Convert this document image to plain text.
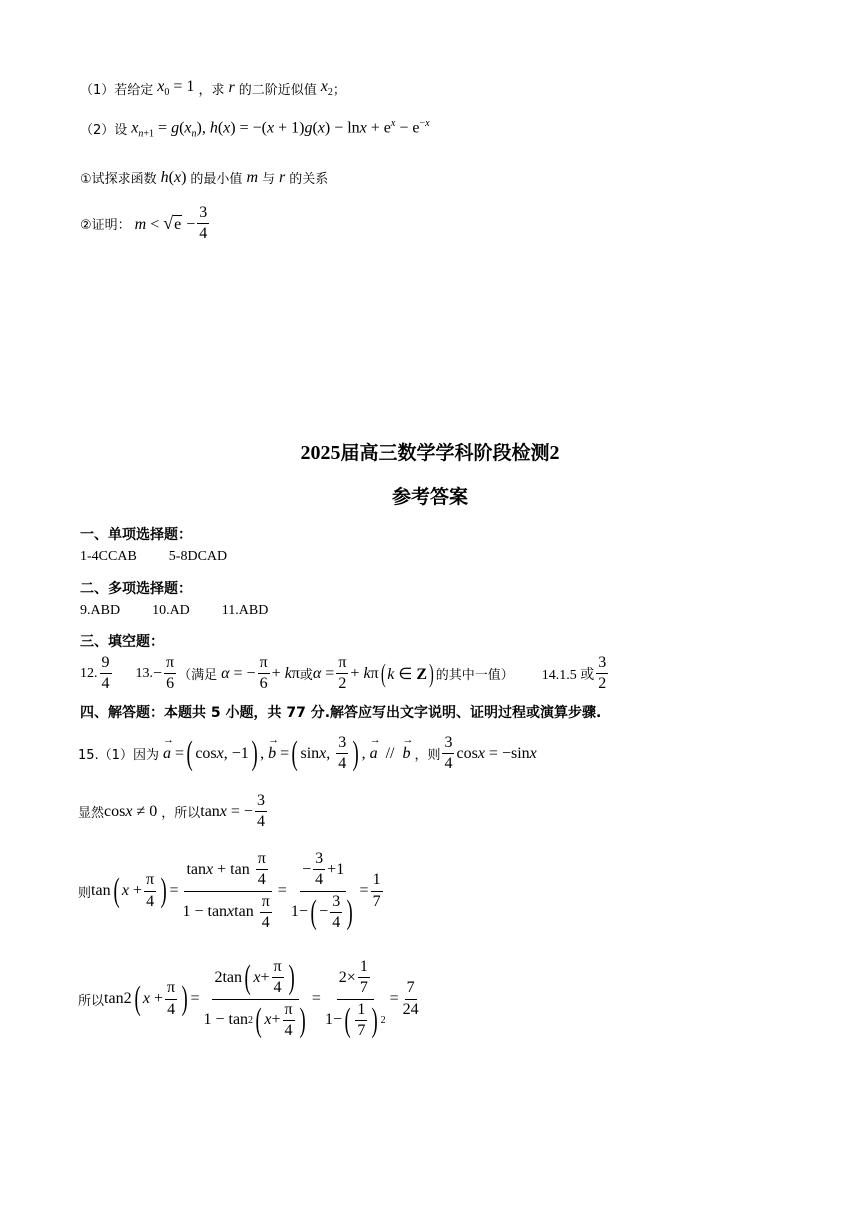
（1） 若给定 $x_0 = 1$ ，求 r 的二阶近似值 $x_2$ ；
（2）设 $x_{n+1} = g(x_n)$, $h(x) = -(x + 1)g(x) - \ln x + e^x - e^{-x}$
①试探求函数 h(x) 的最小值 m 与 r 的关系
②证明： m < √ $e - \frac{3}{4}$
2025届高三数学学科阶段检测2
参考答案
一、单项选择题：
1-4CCAB 5-8DCAD
二、多项选择题：
9.ABD 10.AD 11.ABD
三、填空题：
12. $\frac{9}{4} 13$. − $\frac{\pi}{6}$ （满足 α = − $\frac{\pi}{6} + k\pi$ 或 $\alpha = \frac{\pi}{2} + k\pi$ ( k ∈ Z ) 的其中一值） 14.1.5 或 $\frac{3}{2}$
四、解答题：本题共 5 小题，共 77 分.解答应写出文字说明、证明过程或演算步骤.
15.（1）因为 → a = ( cosx, −1 ) , → b = ( sinx, $\frac{3}{4}$ ) , → a // → b ，则 $\frac{3}{4}$ cosx = −sinx
显然 cosx ≠ 0 ，所以 tanx = − $\frac{3}{4}$
则 tan ( $x + \frac{\pi}{4}$ ) = $\frac{\tan x + \tan \frac{\pi}{4}}{1 - \tan x \tan \frac{\pi}{4}} = \frac{- \frac{3}{4} +1}{1- ( - \frac{3}{4} )} = \frac{1}{7}$
所以 tan2 ( $x + \frac{\pi}{4}$ ) = $\frac{2\tan ( x + \frac{\pi}{4} )}{1 - \tan 2 ( x + \frac{\pi}{4} )} = \frac{2\times \frac{1}{7}}{1- ( \frac{1}{7} ) 2} = \frac{7}{24}$
